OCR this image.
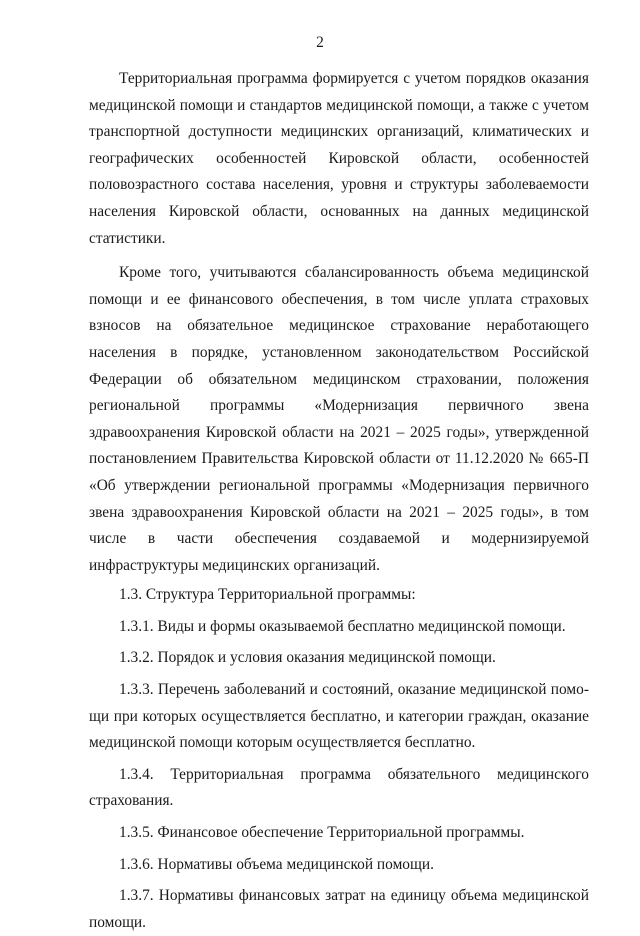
2

Территориальная программа формируется с учетом порядков оказания медицинской помощи и стандартов медицинской помощи, а также с учетом транспортной доступности медицинских организаций, климатических и географических особенностей Кировской области, особенностей половозрастного состава населения, уровня и структуры заболеваемости населения Кировской области, основанных на данных медицинской статистики.

Кроме того, учитываются сбалансированность объема медицинской помощи и ее финансового обеспечения, в том числе уплата страховых взносов на обязательное медицинское страхование неработающего населения в порядке, установленном законодательством Российской Федерации об обязательном медицинском страховании, положения региональной программы «Модернизация первичного звена здравоохранения Кировской области на 2021 – 2025 годы», утвержденной постановлением Правительства Кировской области от 11.12.2020 № 665-П «Об утверждении региональной программы «Модернизация первичного звена здравоохранения Кировской области на 2021 – 2025 годы», в том числе в части обеспечения создаваемой и модернизируемой инфраструктуры медицинских организаций.

1.3. Структура Территориальной программы:

1.3.1. Виды и формы оказываемой бесплатно медицинской помощи.

1.3.2. Порядок и условия оказания медицинской помощи.

1.3.3. Перечень заболеваний и состояний, оказание медицинской помощи при которых осуществляется бесплатно, и категории граждан, оказание медицинской помощи которым осуществляется бесплатно.

1.3.4. Территориальная программа обязательного медицинского страхования.

1.3.5. Финансовое обеспечение Территориальной программы.

1.3.6. Нормативы объема медицинской помощи.

1.3.7. Нормативы финансовых затрат на единицу объема медицинской помощи.
